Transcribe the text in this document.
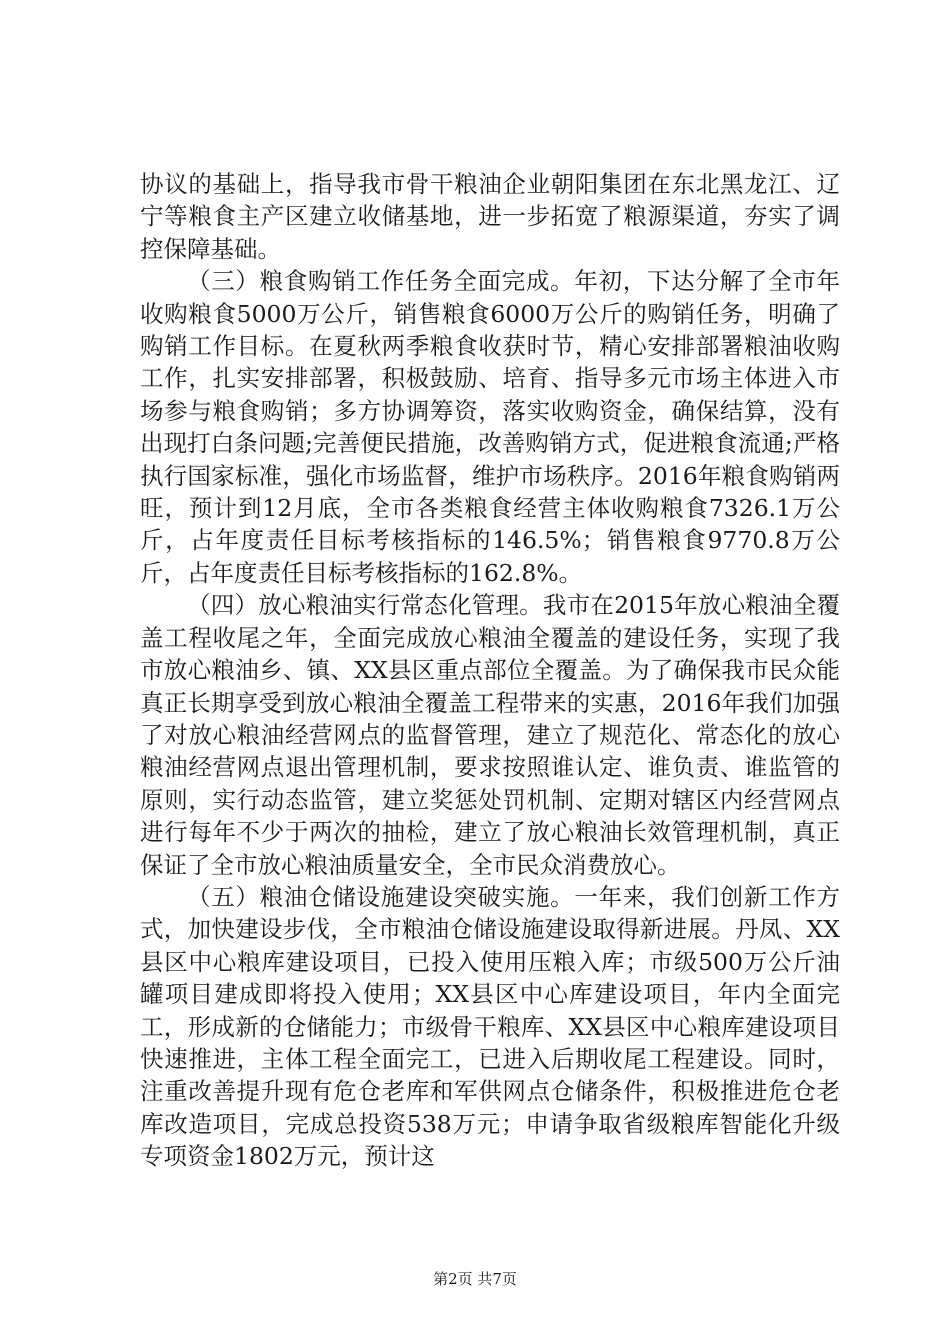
协议的基础上，指导我市骨干粮油企业朝阳集团在东北黑龙江、辽宁等粮食主产区建立收储基地，进一步拓宽了粮源渠道，夯实了调控保障基础。

（三）粮食购销工作任务全面完成。年初，下达分解了全市年收购粮食5000万公斤，销售粮食6000万公斤的购销任务，明确了购销工作目标。在夏秋两季粮食收获时节，精心安排部署粮油收购工作，扎实安排部署，积极鼓励、培育、指导多元市场主体进入市场参与粮食购销；多方协调筹资，落实收购资金，确保结算，没有出现打白条问题;完善便民措施，改善购销方式，促进粮食流通;严格执行国家标准，强化市场监督，维护市场秩序。2016年粮食购销两旺，预计到12月底，全市各类粮食经营主体收购粮食7326.1万公斤，占年度责任目标考核指标的146.5%；销售粮食9770.8万公斤，占年度责任目标考核指标的162.8%。

（四）放心粮油实行常态化管理。我市在2015年放心粮油全覆盖工程收尾之年，全面完成放心粮油全覆盖的建设任务，实现了我市放心粮油乡、镇、XX县区重点部位全覆盖。为了确保我市民众能真正长期享受到放心粮油全覆盖工程带来的实惠，2016年我们加强了对放心粮油经营网点的监督管理，建立了规范化、常态化的放心粮油经营网点退出管理机制，要求按照谁认定、谁负责、谁监管的原则，实行动态监管，建立奖惩处罚机制、定期对辖区内经营网点进行每年不少于两次的抽检，建立了放心粮油长效管理机制，真正保证了全市放心粮油质量安全，全市民众消费放心。

（五）粮油仓储设施建设突破实施。一年来，我们创新工作方式，加快建设步伐，全市粮油仓储设施建设取得新进展。丹凤、XX县区中心粮库建设项目，已投入使用压粮入库；市级500万公斤油罐项目建成即将投入使用；XX县区中心库建设项目，年内全面完工，形成新的仓储能力；市级骨干粮库、XX县区中心粮库建设项目快速推进，主体工程全面完工，已进入后期收尾工程建设。同时，注重改善提升现有危仓老库和军供网点仓储条件，积极推进危仓老库改造项目，完成总投资538万元；申请争取省级粮库智能化升级专项资金1802万元，预计这

第2页 共7页
